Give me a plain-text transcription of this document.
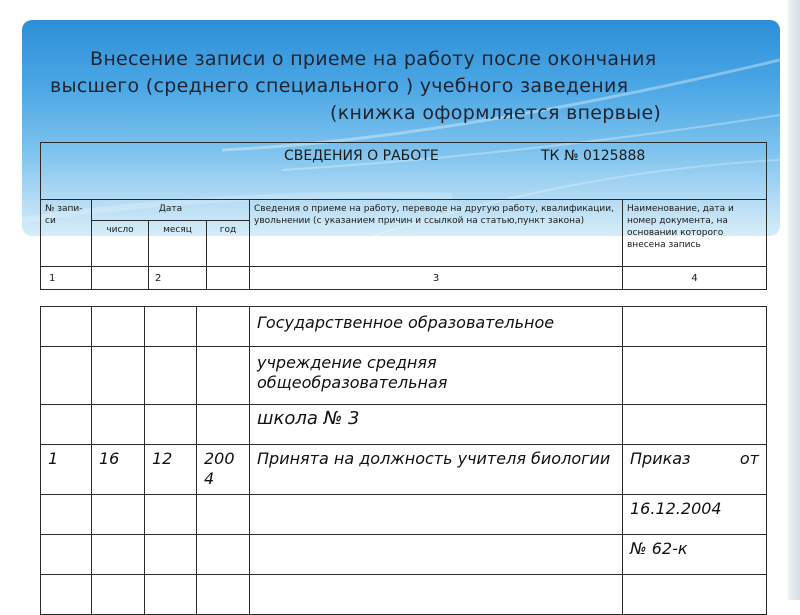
Внесение записи о приеме на работу после окончания
высшего (среднего специального ) учебного заведения
(книжка оформляется впервые)
СВЕДЕНИЯ О РАБОТЕ ТК № 0125888					

№ запи-си	Дата			Сведения о приеме на работу, переводе на другую работу, квалификации, увольнении (с указанием причин и ссылкой на статью,пункт закона)	Наименование, дата и номер документа, на основании которого внесена запись
	число	месяц	год		
1		2		3	4
				Государственное образовательное	
				учреждение средняя общеобразовательная	
				школа № 3	
1	16	12	2004	Принята на должность учителя биологии	Приказ от

					16.12.2004
					№ 62-к
